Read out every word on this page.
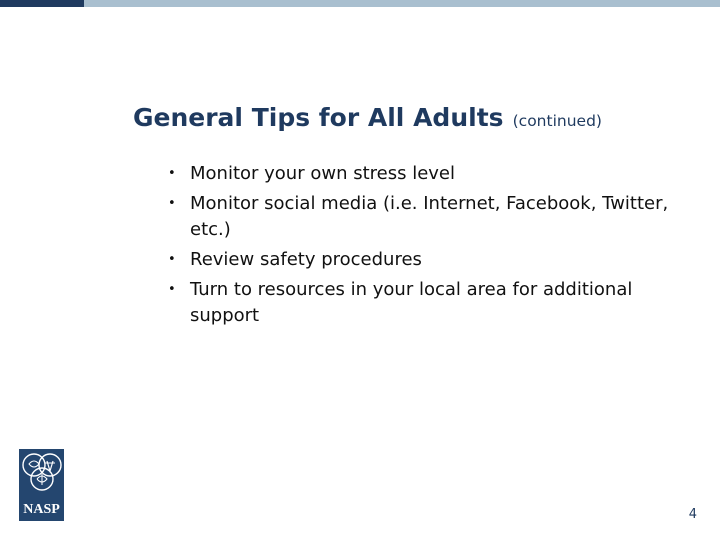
General Tips for All Adults (continued)
• Monitor your own stress level
• Monitor social media (i.e. Internet, Facebook, Twitter, etc.)
• Review safety procedures
• Turn to resources in your local area for additional support
NASP	4
